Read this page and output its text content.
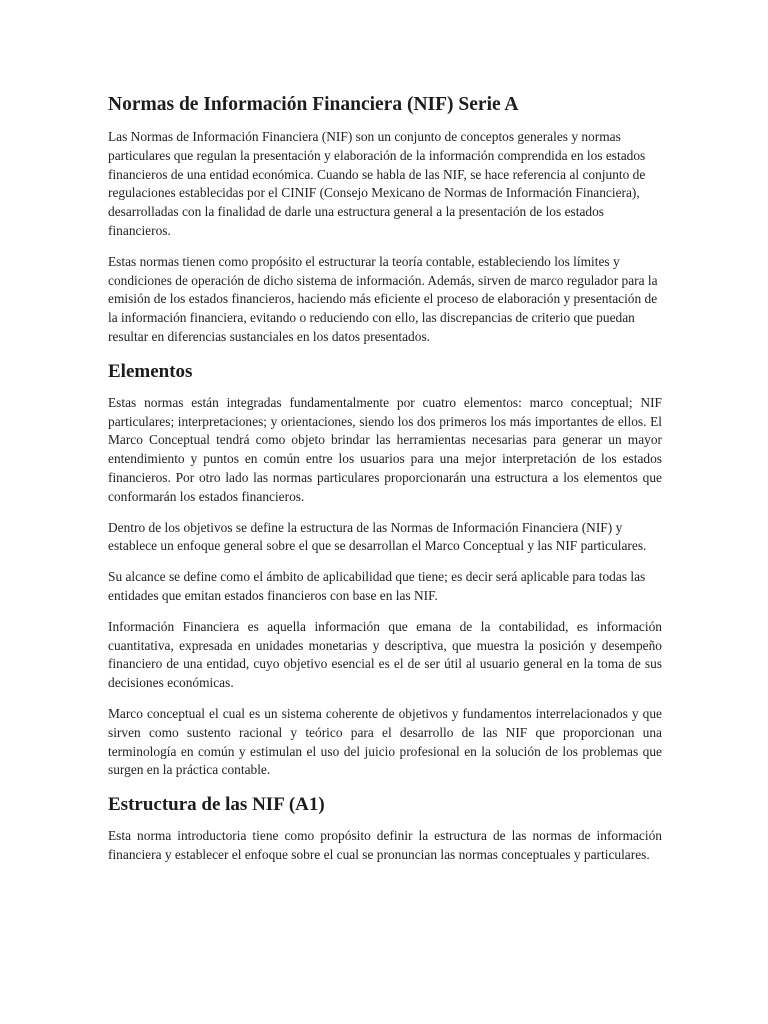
Normas de Información Financiera (NIF) Serie A

Las Normas de Información Financiera (NIF) son un conjunto de conceptos generales y normas particulares que regulan la presentación y elaboración de la información comprendida en los estados financieros de una entidad económica. Cuando se habla de las NIF, se hace referencia al conjunto de regulaciones establecidas por el CINIF (Consejo Mexicano de Normas de Información Financiera), desarrolladas con la finalidad de darle una estructura general a la presentación de los estados financieros.

Estas normas tienen como propósito el estructurar la teoría contable, estableciendo los límites y condiciones de operación de dicho sistema de información. Además, sirven de marco regulador para la emisión de los estados financieros, haciendo más eficiente el proceso de elaboración y presentación de la información financiera, evitando o reduciendo con ello, las discrepancias de criterio que puedan resultar en diferencias sustanciales en los datos presentados.

Elementos

Estas normas están integradas fundamentalmente por cuatro elementos: marco conceptual; NIF particulares; interpretaciones; y orientaciones, siendo los dos primeros los más importantes de ellos. El Marco Conceptual tendrá como objeto brindar las herramientas necesarias para generar un mayor entendimiento y puntos en común entre los usuarios para una mejor interpretación de los estados financieros. Por otro lado las normas particulares proporcionarán una estructura a los elementos que conformarán los estados financieros.

Dentro de los objetivos se define la estructura de las Normas de Información Financiera (NIF) y establece un enfoque general sobre el que se desarrollan el Marco Conceptual y las NIF particulares.

Su alcance se define como el ámbito de aplicabilidad que tiene; es decir será aplicable para todas las entidades que emitan estados financieros con base en las NIF.

Información Financiera es aquella información que emana de la contabilidad, es información cuantitativa, expresada en unidades monetarias y descriptiva, que muestra la posición y desempeño financiero de una entidad, cuyo objetivo esencial es el de ser útil al usuario general en la toma de sus decisiones económicas.

Marco conceptual el cual es un sistema coherente de objetivos y fundamentos interrelacionados y que sirven como sustento racional y teórico para el desarrollo de las NIF que proporcionan una terminología en común y estimulan el uso del juicio profesional en la solución de los problemas que surgen en la práctica contable.

Estructura de las NIF (A1)

Esta norma introductoria tiene como propósito definir la estructura de las normas de información financiera y establecer el enfoque sobre el cual se pronuncian las normas conceptuales y particulares.
